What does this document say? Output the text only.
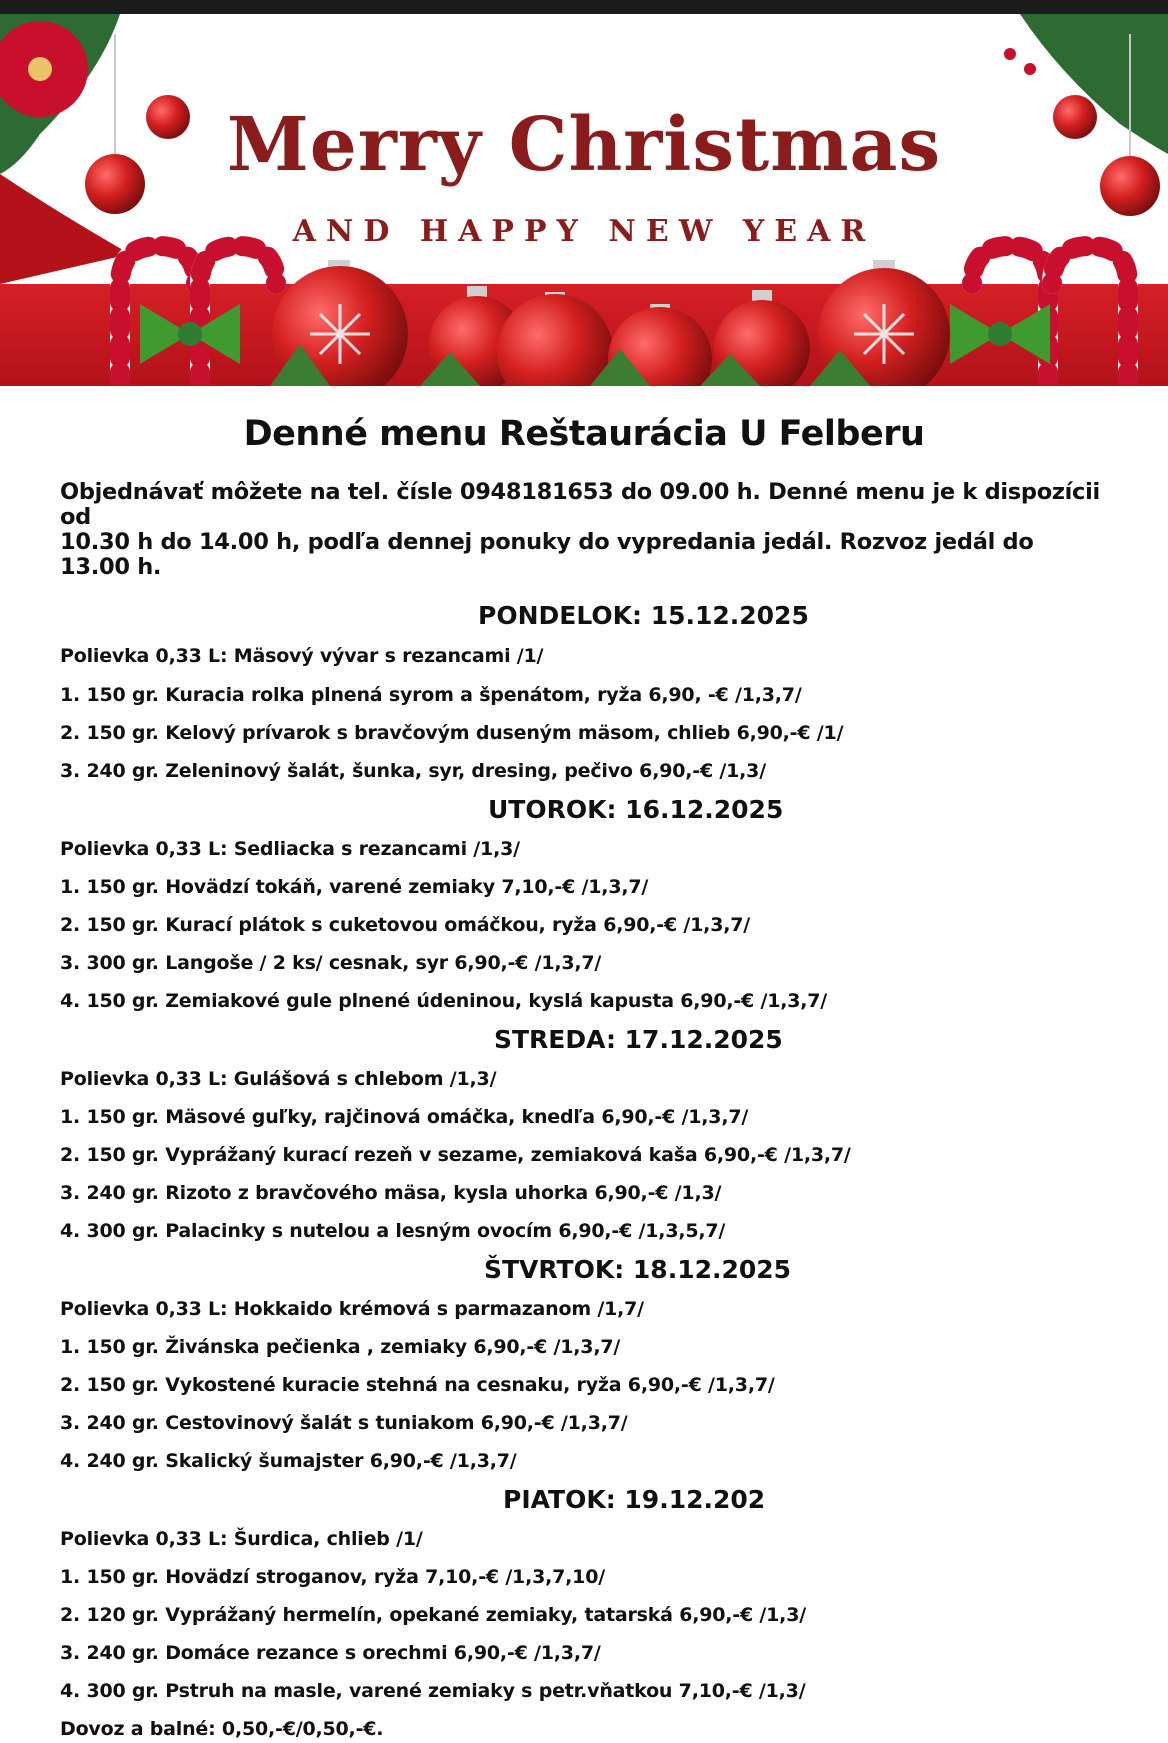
Merry Christmas
AND HAPPY NEW YEAR
Denné menu Reštaurácia U Felberu
Objednávať môžete na tel. čísle 0948181653 do 09.00 h. Denné menu je k dispozícii od
10.30 h do 14.00 h, podľa dennej ponuky do vypredania jedál. Rozvoz jedál do 13.00 h.
PONDELOK: 15.12.2025
Polievka 0,33 L: Mäsový vývar s rezancami /1/
1. 150 gr. Kuracia rolka plnená syrom a špenátom, ryža 6,90, -€ /1,3,7/
2. 150 gr. Kelový prívarok s bravčovým duseným mäsom, chlieb 6,90,-€ /1/
3. 240 gr. Zeleninový šalát, šunka, syr, dresing, pečivo 6,90,-€ /1,3/
UTOROK: 16.12.2025
Polievka 0,33 L: Sedliacka s rezancami /1,3/
1. 150 gr. Hovädzí tokáň, varené zemiaky 7,10,-€ /1,3,7/
2. 150 gr. Kurací plátok s cuketovou omáčkou, ryža 6,90,-€ /1,3,7/
3. 300 gr. Langoše / 2 ks/ cesnak, syr 6,90,-€ /1,3,7/
4. 150 gr. Zemiakové gule plnené údeninou, kyslá kapusta 6,90,-€ /1,3,7/
STREDA: 17.12.2025
Polievka 0,33 L: Gulášová s chlebom /1,3/
1. 150 gr. Mäsové guľky, rajčinová omáčka, knedľa 6,90,-€ /1,3,7/
2. 150 gr. Vyprážaný kurací rezeň v sezame, zemiaková kaša 6,90,-€ /1,3,7/
3. 240 gr. Rizoto z bravčového mäsa, kysla uhorka 6,90,-€ /1,3/
4. 300 gr. Palacinky s nutelou a lesným ovocím 6,90,-€ /1,3,5,7/
ŠTVRTOK: 18.12.2025
Polievka 0,33 L: Hokkaido krémová s parmazanom /1,7/
1. 150 gr. Živánska pečienka , zemiaky 6,90,-€ /1,3,7/
2. 150 gr. Vykostené kuracie stehná na cesnaku, ryža 6,90,-€ /1,3,7/
3. 240 gr. Cestovinový šalát s tuniakom 6,90,-€ /1,3,7/
4. 240 gr. Skalický šumajster 6,90,-€ /1,3,7/
PIATOK: 19.12.202
Polievka 0,33 L: Šurdica, chlieb /1/
1. 150 gr. Hovädzí stroganov, ryža 7,10,-€ /1,3,7,10/
2. 120 gr. Vyprážaný hermelín, opekané zemiaky, tatarská 6,90,-€ /1,3/
3. 240 gr. Domáce rezance s orechmi 6,90,-€ /1,3,7/
4. 300 gr. Pstruh na masle, varené zemiaky s petr.vňatkou 7,10,-€ /1,3/
Dovoz a balné: 0,50,-€/0,50,-€.
